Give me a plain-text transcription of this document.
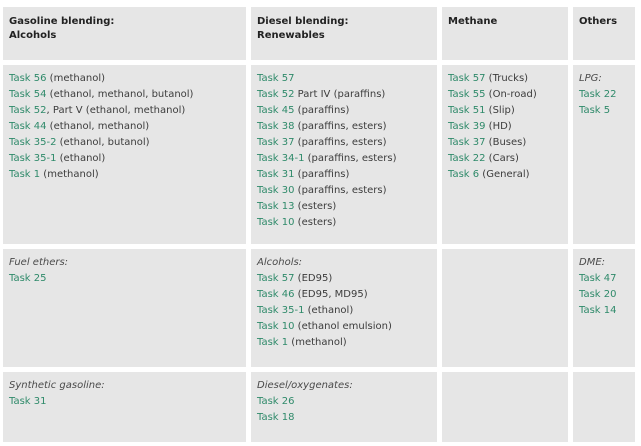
Gasoline blending:
Alcohols
Diesel blending:
Renewables
Methane	Others
Task 56 (methanol)
Task 54 (ethanol, methanol, butanol)
Task 52, Part V (ethanol, methanol)
Task 44 (ethanol, methanol)
Task 35-2 (ethanol, butanol)
Task 35-1 (ethanol)
Task 1 (methanol)
Task 57
Task 52 Part IV (paraffins)
Task 45 (paraffins)
Task 38 (paraffins, esters)
Task 37 (paraffins, esters)
Task 34-1 (paraffins, esters)
Task 31 (paraffins)
Task 30 (paraffins, esters)
Task 13 (esters)
Task 10 (esters)
Task 57 (Trucks)
Task 55 (On-road)
Task 51 (Slip)
Task 39 (HD)
Task 37 (Buses)
Task 22 (Cars)
Task 6 (General)
LPG:
Task 22
Task 5
Fuel ethers:
Task 25
Alcohols:
Task 57 (ED95)
Task 46 (ED95, MD95)
Task 35-1 (ethanol)
Task 10 (ethanol emulsion)
Task 1 (methanol)
DME:
Task 47
Task 20
Task 14
Synthetic gasoline:
Task 31
Diesel/oxygenates:
Task 26
Task 18
